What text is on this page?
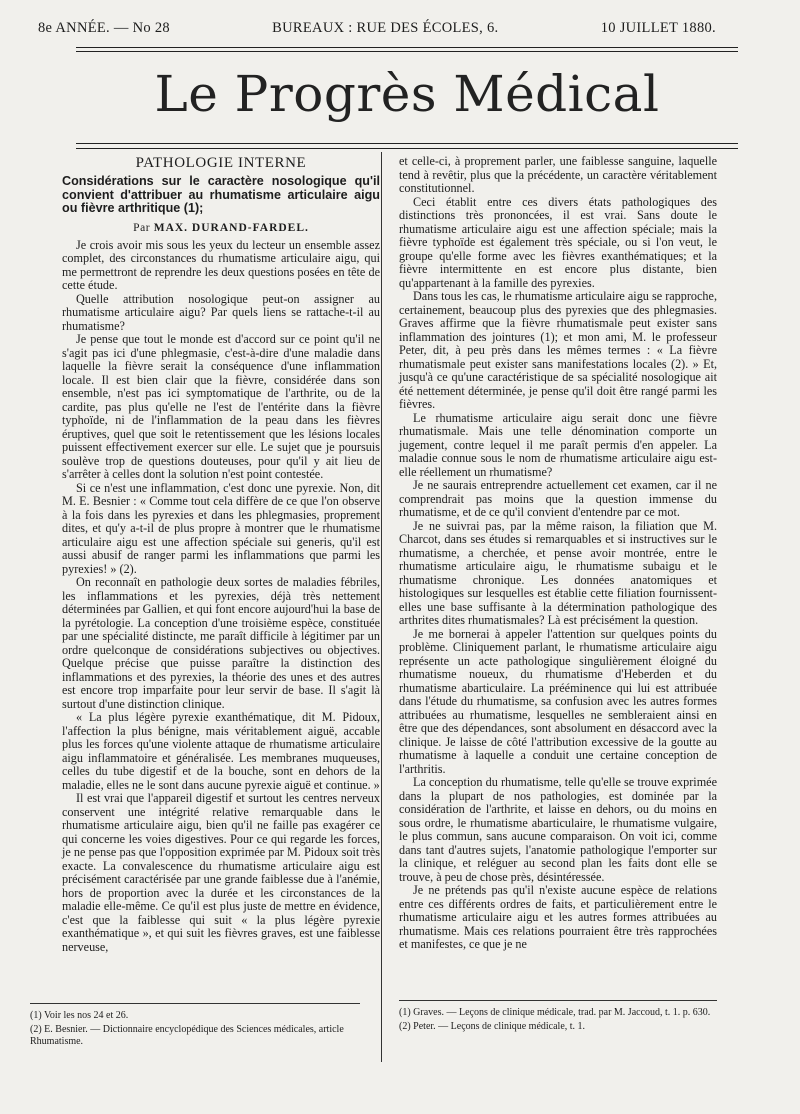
8e ANNÉE. — No 28	BUREAUX : RUE DES ÉCOLES, 6.	10 JUILLET 1880.
Le Progrès Médical
PATHOLOGIE INTERNE
Considérations sur le caractère nosologique qu'il convient d'attribuer au rhumatisme articulaire aigu ou fièvre arthritique (1);
Par MAX. DURAND-FARDEL.

Je crois avoir mis sous les yeux du lecteur un ensemble assez complet, des circonstances du rhumatisme articulaire aigu, qui me permettront de reprendre les deux questions posées en tête de cette étude.

Quelle attribution nosologique peut-on assigner au rhumatisme articulaire aigu? Par quels liens se rattache-t-il au rhumatisme?

Je pense que tout le monde est d'accord sur ce point qu'il ne s'agit pas ici d'une phlegmasie, c'est-à-dire d'une maladie dans laquelle la fièvre serait la conséquence d'une inflammation locale. Il est bien clair que la fièvre, considérée dans son ensemble, n'est pas ici symptomatique de l'arthrite, ou de la cardite, pas plus qu'elle ne l'est de l'entérite dans la fièvre typhoïde, ni de l'inflammation de la peau dans les fièvres éruptives, quel que soit le retentissement que les lésions locales puissent effectivement exercer sur elle. Le sujet que je poursuis soulève trop de questions douteuses, pour qu'il y ait lieu de s'arrêter à celles dont la solution n'est point contestée.

Si ce n'est une inflammation, c'est donc une pyrexie. Non, dit M. E. Besnier : « Comme tout cela diffère de ce que l'on observe à la fois dans les pyrexies et dans les phlegmasies, proprement dites, et qu'y a-t-il de plus propre à montrer que le rhumatisme articulaire aigu est une affection spéciale sui generis, qu'il est aussi abusif de ranger parmi les inflammations que parmi les pyrexies! » (2).

On reconnaît en pathologie deux sortes de maladies fébriles, les inflammations et les pyrexies, déjà très nettement déterminées par Gallien, et qui font encore aujourd'hui la base de la pyrétologie. La conception d'une troisième espèce, constituée par une spécialité distincte, me paraît difficile à légitimer par un ordre quelconque de considérations subjectives ou objectives. Quelque précise que puisse paraître la distinction des inflammations et des pyrexies, la théorie des unes et des autres est encore trop imparfaite pour leur servir de base. Il s'agit là surtout d'une distinction clinique.

« La plus légère pyrexie exanthématique, dit M. Pidoux, l'affection la plus bénigne, mais véritablement aiguë, accable plus les forces qu'une violente attaque de rhumatisme articulaire aigu inflammatoire et généralisée. Les membranes muqueuses, celles du tube digestif et de la bouche, sont en dehors de la maladie, elles ne le sont dans aucune pyrexie aiguë et continue. »

Il est vrai que l'appareil digestif et surtout les centres nerveux conservent une intégrité relative remarquable dans le rhumatisme articulaire aigu, bien qu'il ne faille pas exagérer ce qui concerne les voies digestives. Pour ce qui regarde les forces, je ne pense pas que l'opposition exprimée par M. Pidoux soit très exacte. La convalescence du rhumatisme articulaire aigu est précisément caractérisée par une grande faiblesse due à l'anémie, hors de proportion avec la durée et les circonstances de la maladie elle-même. Ce qu'il est plus juste de mettre en évidence, c'est que la faiblesse qui suit « la plus légère pyrexie exanthématique », et qui suit les fièvres graves, est une faiblesse nerveuse,

et celle-ci, à proprement parler, une faiblesse sanguine, laquelle tend à revêtir, plus que la précédente, un caractère véritablement constitutionnel.

Ceci établit entre ces divers états pathologiques des distinctions très prononcées, il est vrai. Sans doute le rhumatisme articulaire aigu est une affection spéciale; mais la fièvre typhoïde est également très spéciale, ou si l'on veut, le groupe qu'elle forme avec les fièvres exanthématiques; et la fièvre intermittente en est encore plus distante, bien qu'appartenant à la famille des pyrexies.

Dans tous les cas, le rhumatisme articulaire aigu se rapproche, certainement, beaucoup plus des pyrexies que des phlegmasies. Graves affirme que la fièvre rhumatismale peut exister sans inflammation des jointures (1); et mon ami, M. le professeur Peter, dit, à peu près dans les mêmes termes : « La fièvre rhumatismale peut exister sans manifestations locales (2). » Et, jusqu'à ce qu'une caractéristique de sa spécialité nosologique ait été nettement déterminée, je pense qu'il doit être rangé parmi les fièvres.

Le rhumatisme articulaire aigu serait donc une fièvre rhumatismale. Mais une telle dénomination comporte un jugement, contre lequel il me paraît permis d'en appeler. La maladie connue sous le nom de rhumatisme articulaire aigu est-elle réellement un rhumatisme?

Je ne saurais entreprendre actuellement cet examen, car il ne comprendrait pas moins que la question immense du rhumatisme, et de ce qu'il convient d'entendre par ce mot.

Je ne suivrai pas, par la même raison, la filiation que M. Charcot, dans ses études si remarquables et si instructives sur le rhumatisme, a cherchée, et pense avoir montrée, entre le rhumatisme articulaire aigu, le rhumatisme subaigu et le rhumatisme chronique. Les données anatomiques et histologiques sur lesquelles est établie cette filiation fournissent-elles une base suffisante à la détermination pathologique des arthrites dites rhumatismales? Là est précisément la question.

Je me bornerai à appeler l'attention sur quelques points du problème. Cliniquement parlant, le rhumatisme articulaire aigu représente un acte pathologique singulièrement éloigné du rhumatisme noueux, du rhumatisme d'Heberden et du rhumatisme abarticulaire. La prééminence qui lui est attribuée dans l'étude du rhumatisme, sa confusion avec les autres formes attribuées au rhumatisme, lesquelles ne sembleraient ainsi en être que des dépendances, sont absolument en désaccord avec la clinique. Je laisse de côté l'attribution excessive de la goutte au rhumatisme à laquelle a conduit une certaine conception de l'arthritis.

La conception du rhumatisme, telle qu'elle se trouve exprimée dans la plupart de nos pathologies, est dominée par la considération de l'arthrite, et laisse en dehors, ou du moins en sous ordre, le rhumatisme abarticulaire, le rhumatisme vulgaire, le plus commun, sans aucune comparaison. On voit ici, comme dans tant d'autres sujets, l'anatomie pathologique l'emporter sur la clinique, et reléguer au second plan les faits dont elle se trouve, à peu de chose près, désintéressée.

Je ne prétends pas qu'il n'existe aucune espèce de relations entre ces différents ordres de faits, et particulièrement entre le rhumatisme articulaire aigu et les autres formes attribuées au rhumatisme. Mais ces relations pourraient être très rapprochées et manifestes, ce que je ne

(1) Voir les nos 24 et 26.
(2) E. Besnier. — Dictionnaire encyclopédique des Sciences médicales, article Rhumatisme.
(1) Graves. — Leçons de clinique médicale, trad. par M. Jaccoud, t. 1. p. 630.
(2) Peter. — Leçons de clinique médicale, t. 1.
